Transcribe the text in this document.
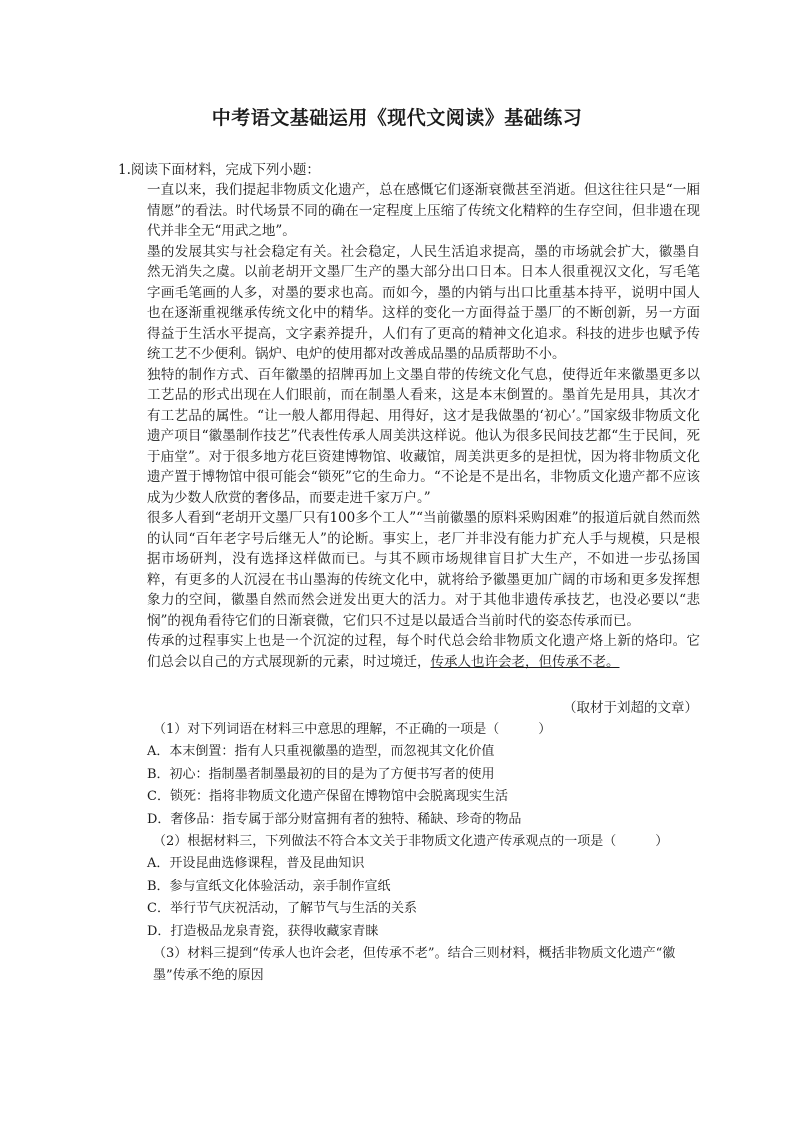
中考语文基础运用《现代文阅读》基础练习
1.阅读下面材料，完成下列小题：

一直以来，我们提起非物质文化遗产，总在感慨它们逐渐衰微甚至消逝。但这往往只是“一厢情愿”的看法。时代场景不同的确在一定程度上压缩了传统文化精粹的生存空间，但非遗在现代并非全无“用武之地”。

墨的发展其实与社会稳定有关。社会稳定，人民生活追求提高，墨的市场就会扩大，徽墨自然无消失之虞。以前老胡开文墨厂生产的墨大部分出口日本。日本人很重视汉文化，写毛笔字画毛笔画的人多，对墨的要求也高。而如今，墨的内销与出口比重基本持平，说明中国人也在逐渐重视继承传统文化中的精华。这样的变化一方面得益于墨厂的不断创新，另一方面得益于生活水平提高，文字素养提升，人们有了更高的精神文化追求。科技的进步也赋予传统工艺不少便利。锅炉、电炉的使用都对改善成品墨的品质帮助不小。

独特的制作方式、百年徽墨的招牌再加上文墨自带的传统文化气息，使得近年来徽墨更多以工艺品的形式出现在人们眼前，而在制墨人看来，这是本末倒置的。墨首先是用具，其次才有工艺品的属性。“让一般人都用得起、用得好，这才是我做墨的‘初心’。”国家级非物质文化遗产项目“徽墨制作技艺”代表性传承人周美洪这样说。他认为很多民间技艺都“生于民间，死于庙堂”。对于很多地方花巨资建博物馆、收藏馆，周美洪更多的是担忧，因为将非物质文化遗产置于博物馆中很可能会“锁死”它的生命力。“不论是不是出名，非物质文化遗产都不应该成为少数人欣赏的奢侈品，而要走进千家万户。”

很多人看到“老胡开文墨厂只有100多个工人”“当前徽墨的原料采购困难”的报道后就自然而然的认同“百年老字号后继无人”的论断。事实上，老厂并非没有能力扩充人手与规模，只是根据市场研判，没有选择这样做而已。与其不顾市场规律盲目扩大生产，不如进一步弘扬国粹，有更多的人沉浸在书山墨海的传统文化中，就将给予徽墨更加广阔的市场和更多发挥想象力的空间，徽墨自然而然会迸发出更大的活力。对于其他非遗传承技艺，也没必要以“悲悯”的视角看待它们的日渐衰微，它们只不过是以最适合当前时代的姿态传承而已。

传承的过程事实上也是一个沉淀的过程，每个时代总会给非物质文化遗产烙上新的烙印。它们总会以自己的方式展现新的元素，时过境迁，传承人也许会老，但传承不老。

（取材于刘超的文章）

（1）对下列词语在材料三中意思的理解，不正确的一项是（　　　）

A．本末倒置：指有人只重视徽墨的造型，而忽视其文化价值

B．初心：指制墨者制墨最初的目的是为了方便书写者的使用

C．锁死：指将非物质文化遗产保留在博物馆中会脱离现实生活

D．奢侈品：指专属于部分财富拥有者的独特、稀缺、珍奇的物品

（2）根据材料三，下列做法不符合本文关于非物质文化遗产传承观点的一项是（　　　）

A．开设昆曲选修课程，普及昆曲知识

B．参与宣纸文化体验活动，亲手制作宣纸

C．举行节气庆祝活动，了解节气与生活的关系

D．打造极品龙泉青瓷，获得收藏家青睐

（3）材料三提到“传承人也许会老，但传承不老”。结合三则材料，概括非物质文化遗产“徽墨”传承不绝的原因
